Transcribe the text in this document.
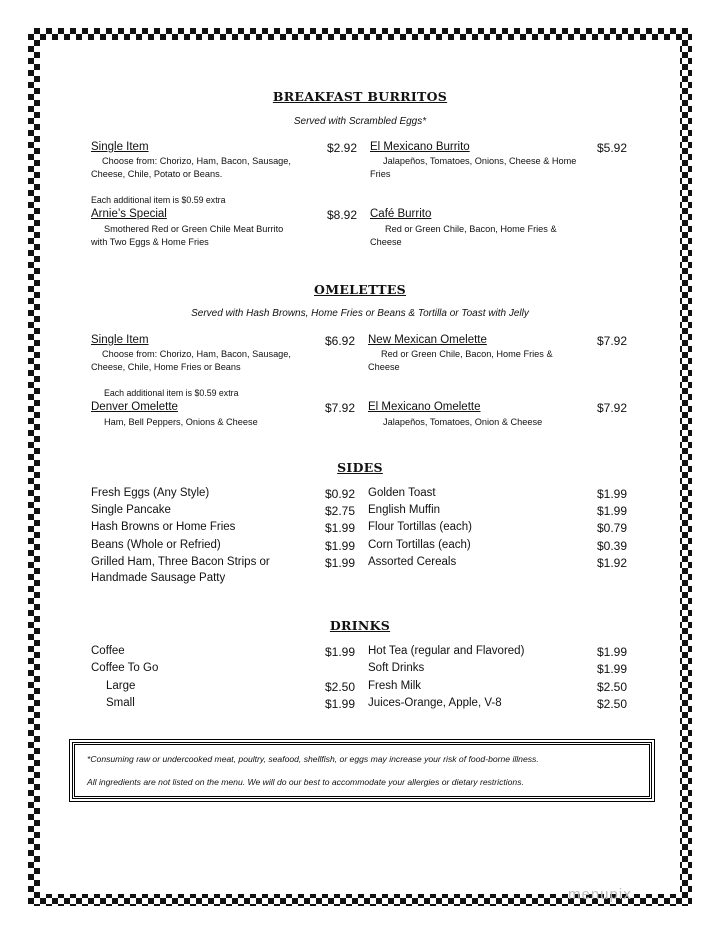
BREAKFAST BURRITOS
Served with Scrambled Eggs*
Single Item	$2.92
Choose from: Chorizo, Ham, Bacon, Sausage,
Cheese, Chile, Potato or Beans.
El Mexicano Burrito	$5.92
Jalapeños, Tomatoes, Onions, Cheese & Home
Fries
Each additional item is $0.59 extra
Arnie’s Special	$8.92
Smothered Red or Green Chile Meat Burrito
with Two Eggs & Home Fries
Café Burrito
Red or Green Chile, Bacon, Home Fries &
Cheese
OMELETTES
Served with Hash Browns, Home Fries or Beans & Tortilla or Toast with Jelly
Single Item	$6.92
Choose from: Chorizo, Ham, Bacon, Sausage,
Cheese, Chile, Home Fries or Beans
New Mexican Omelette	$7.92
Red or Green Chile, Bacon, Home Fries &
Cheese
Each additional item is $0.59 extra
Denver Omelette	$7.92
Ham, Bell Peppers, Onions & Cheese
El Mexicano Omelette	$7.92
Jalapeños, Tomatoes, Onion & Cheese
SIDES
Fresh Eggs (Any Style)	$0.92
Single Pancake	$2.75
Hash Browns or Home Fries	$1.99
Beans (Whole or Refried)	$1.99
Grilled Ham, Three Bacon Strips or	$1.99
Handmade Sausage Patty
Golden Toast	$1.99
English Muffin	$1.99
Flour Tortillas (each)	$0.79
Corn Tortillas (each)	$0.39
Assorted Cereals	$1.92
DRINKS
Coffee	$1.99
Coffee To Go
Large	$2.50
Small	$1.99
Hot Tea (regular and Flavored)	$1.99
Soft Drinks	$1.99
Fresh Milk	$2.50
Juices-Orange, Apple, V-8	$2.50
*Consuming raw or undercooked meat, poultry, seafood, shellfish, or eggs may increase your risk of food-borne illness.
All ingredients are not listed on the menu. We will do our best to accommodate your allergies or dietary restrictions.
menupix
